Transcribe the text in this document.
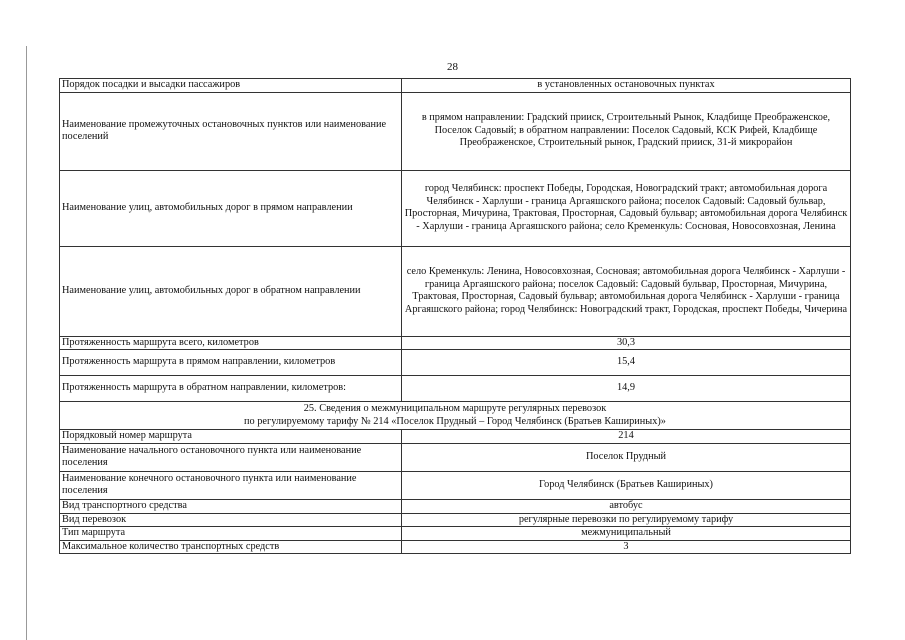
28
Порядок посадки и высадки пассажиров	в установленных остановочных пунктах
Наименование промежуточных остановочных пунктов или наименование поселений	в прямом направлении: Градский прииск, Строительный Рынок, Кладбище Преображенское, Поселок Садовый; в обратном направлении: Поселок Садовый, КСК Рифей, Кладбище Преображенское, Строительный рынок, Градский прииск, 31-й микрорайон
Наименование улиц, автомобильных дорог в прямом направлении	город Челябинск: проспект Победы, Городская, Новоградский тракт; автомобильная дорога Челябинск - Харлуши - граница Аргаяшского района; поселок Садовый: Садовый бульвар, Просторная, Мичурина, Трактовая, Просторная, Садовый бульвар; автомобильная дорога Челябинск - Харлуши - граница Аргаяшского района; село Кременкуль: Сосновая, Новосовхозная, Ленина
Наименование улиц, автомобильных дорог в обратном направлении	село Кременкуль: Ленина, Новосовхозная, Сосновая; автомобильная дорога Челябинск - Харлуши - граница Аргаяшского района; поселок Садовый: Садовый бульвар, Просторная, Мичурина, Трактовая, Просторная, Садовый бульвар; автомобильная дорога Челябинск - Харлуши - граница Аргаяшского района; город Челябинск: Новоградский тракт, Городская, проспект Победы, Чичерина
Протяженность маршрута всего, километров	30,3
Протяженность маршрута в прямом направлении, километров	15,4
Протяженность маршрута в обратном направлении, километров:	14,9

25. Сведения о межмуниципальном маршруте регулярных перевозок
по регулируемому тарифу № 214 «Поселок Прудный – Город Челябинск (Братьев Кашириных)»	

Порядковый номер маршрута	214
Наименование начального остановочного пункта или наименование поселения	Поселок Прудный
Наименование конечного остановочного пункта или наименование поселения	Город Челябинск (Братьев Кашириных)
Вид транспортного средства	автобус
Вид перевозок	регулярные перевозки по регулируемому тарифу
Тип маршрута	межмуниципальный
Максимальное количество транспортных средств	3
